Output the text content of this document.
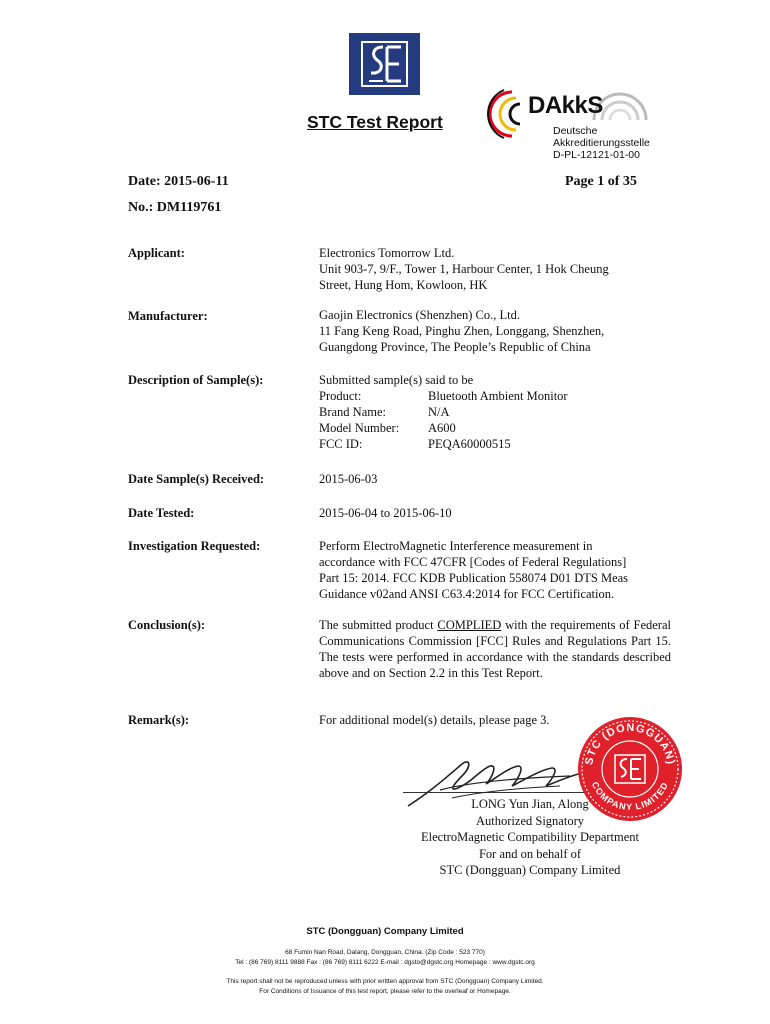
DAkkS
Deutsche
Akkreditierungsstelle
D-PL-12121-01-00
STC Test Report
Date: 2015-06-11	Page 1 of 35
No.: DM119761
Applicant:	Electronics Tomorrow Ltd.
Unit 903-7, 9/F., Tower 1, Harbour Center, 1 Hok Cheung
Street, Hung Hom, Kowloon, HK
Manufacturer:	Gaojin Electronics (Shenzhen) Co., Ltd.
11 Fang Keng Road, Pinghu Zhen, Longgang, Shenzhen,
Guangdong Province, The People’s Republic of China
Description of Sample(s):	Submitted sample(s) said to be
Product:	Bluetooth Ambient Monitor
Brand Name:	N/A
Model Number:	A600
FCC ID:	PEQA60000515
Date Sample(s) Received:	2015-06-03
Date Tested:	2015-06-04 to 2015-06-10
Investigation Requested:	Perform ElectroMagnetic Interference measurement in
accordance with FCC 47CFR [Codes of Federal Regulations]
Part 15: 2014. FCC KDB Publication 558074 D01 DTS Meas
Guidance v02and ANSI C63.4:2014 for FCC Certification.
Conclusion(s):	The submitted product COMPLIED with the requirements of Federal Communications Commission [FCC] Rules and Regulations Part 15. The tests were performed in accordance with the standards described above and on Section 2.2 in this Test Report.
Remark(s):	For additional model(s) details, please page 3.
STC (DONGGUAN)
COMPANY LIMITED
LONG Yun Jian, Along
Authorized Signatory
ElectroMagnetic Compatibility Department
For and on behalf of
STC (Dongguan) Company Limited
STC (Dongguan) Company Limited
68 Fumin Nan Road, Dalang, Dongguan, China. (Zip Code : 523 770)
Tel : (86 769) 8111 9888 Fax : (86 769) 8111 6222 E-mail : dgsto@dgstc.org Homepage : www.dgstc.org
This report shall not be reproduced unless with prior written approval from STC (Dongguan) Company Limited.
For Conditions of Issuance of this test report, please refer to the overleaf or Homepage.
